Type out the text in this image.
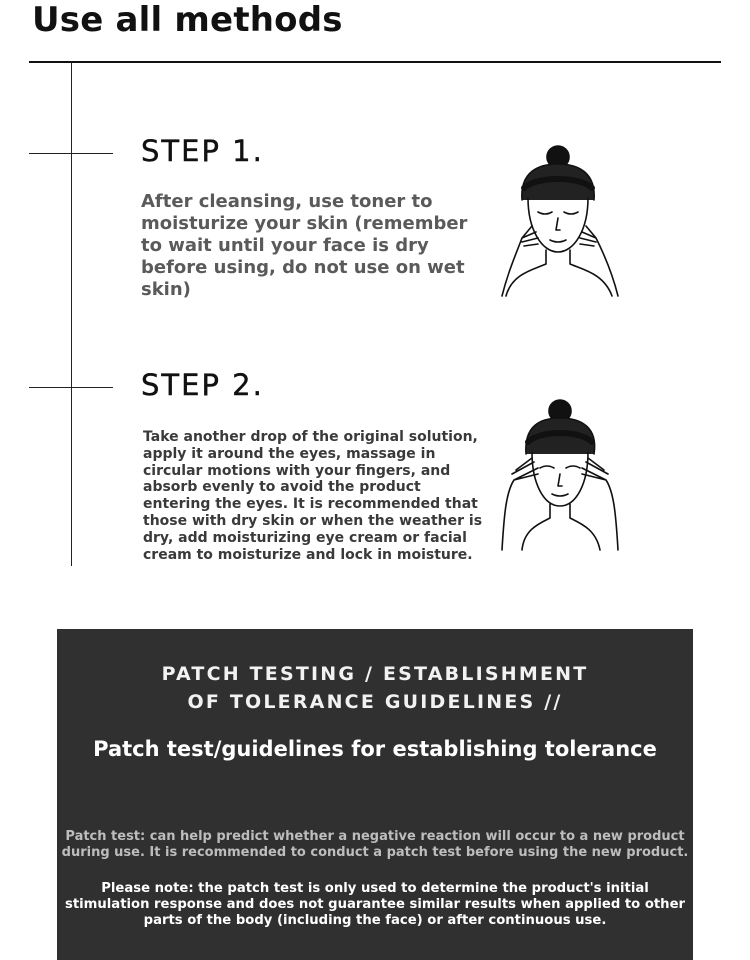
Use all methods
STEP 1.
After cleansing, use toner to moisturize your skin (remember to wait until your face is dry before using, do not use on wet skin)
STEP 2.
Take another drop of the original solution, apply it around the eyes, massage in circular motions with your fingers, and absorb evenly to avoid the product entering the eyes. It is recommended that those with dry skin or when the weather is dry, add moisturizing eye cream or facial cream to moisturize and lock in moisture.
PATCH TESTING / ESTABLISHMENT
OF TOLERANCE GUIDELINES //
Patch test/guidelines for establishing tolerance
Patch test: can help predict whether a negative reaction will occur to a new product during use. It is recommended to conduct a patch test before using the new product.
Please note: the patch test is only used to determine the product's initial stimulation response and does not guarantee similar results when applied to other parts of the body (including the face) or after continuous use.
